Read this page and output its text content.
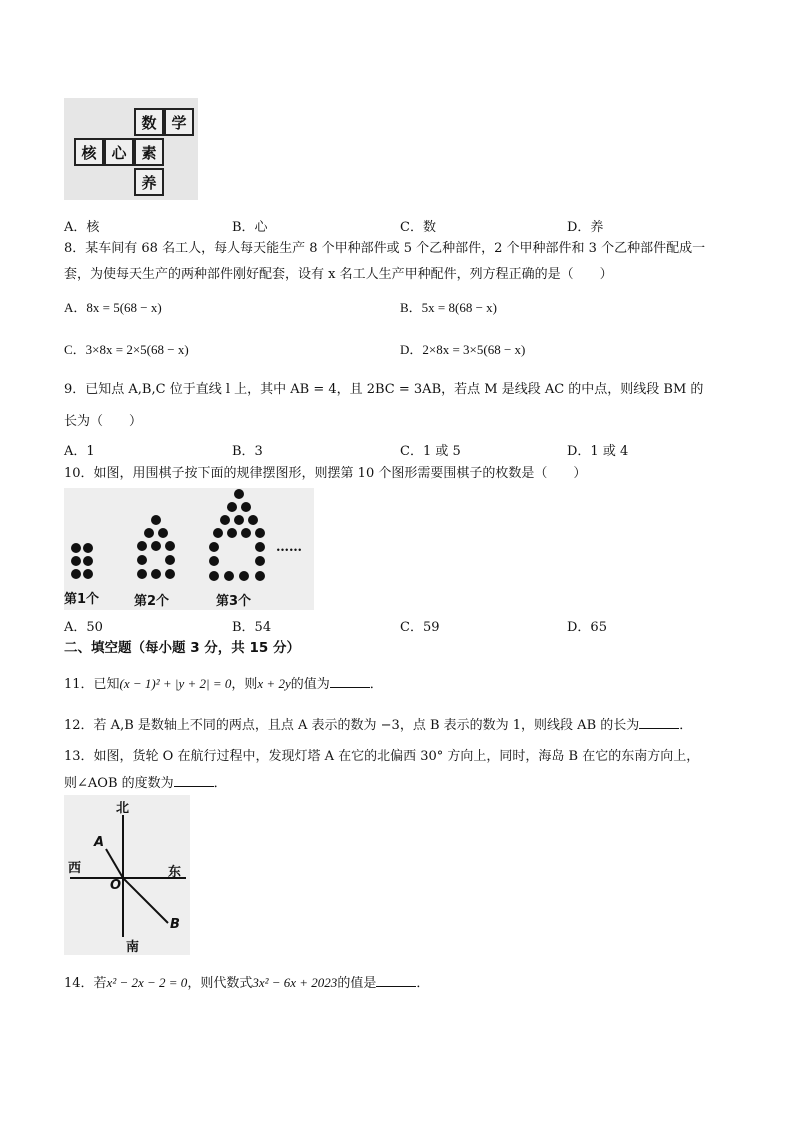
数 学
核 心 素
养
A．核	B．心	C．数	D．养
8．某车间有 68 名工人，每人每天能生产 8 个甲种部件或 5 个乙种部件，2 个甲种部件和 3 个乙种部件配成一
套，为使每天生产的两种部件刚好配套，设有 x 名工人生产甲种配件，列方程正确的是（　　）
A．8x = 5(68 − x)	B．5x = 8(68 − x)
C．3×8x = 2×5(68 − x)	D．2×8x = 3×5(68 − x)
9．已知点 A,B,C 位于直线 l 上，其中 AB = 4，且 2BC = 3AB，若点 M 是线段 AC 的中点，则线段 BM 的
长为（　　）
A．1	B．3	C．1 或 5	D．1 或 4
10．如图，用围棋子按下面的规律摆图形，则摆第 10 个图形需要围棋子的枚数是（　　）
第1个	第2个	第3个
……
A．50	B．54	C．59	D．65
二、填空题（每小题 3 分，共 15 分）
11．已知(x − 1)² + |y + 2| = 0，则x + 2y的值为	．
12．若 A,B 是数轴上不同的两点，且点 A 表示的数为 −3，点 B 表示的数为 1，则线段 AB 的长为	．
13．如图，货轮 O 在航行过程中，发现灯塔 A 在它的北偏西 30° 方向上，同时，海岛 B 在它的东南方向上，
则∠AOB 的度数为	．
北
南
西	东
A
B
O
14．若x² − 2x − 2 = 0，则代数式3x² − 6x + 2023的值是	．
